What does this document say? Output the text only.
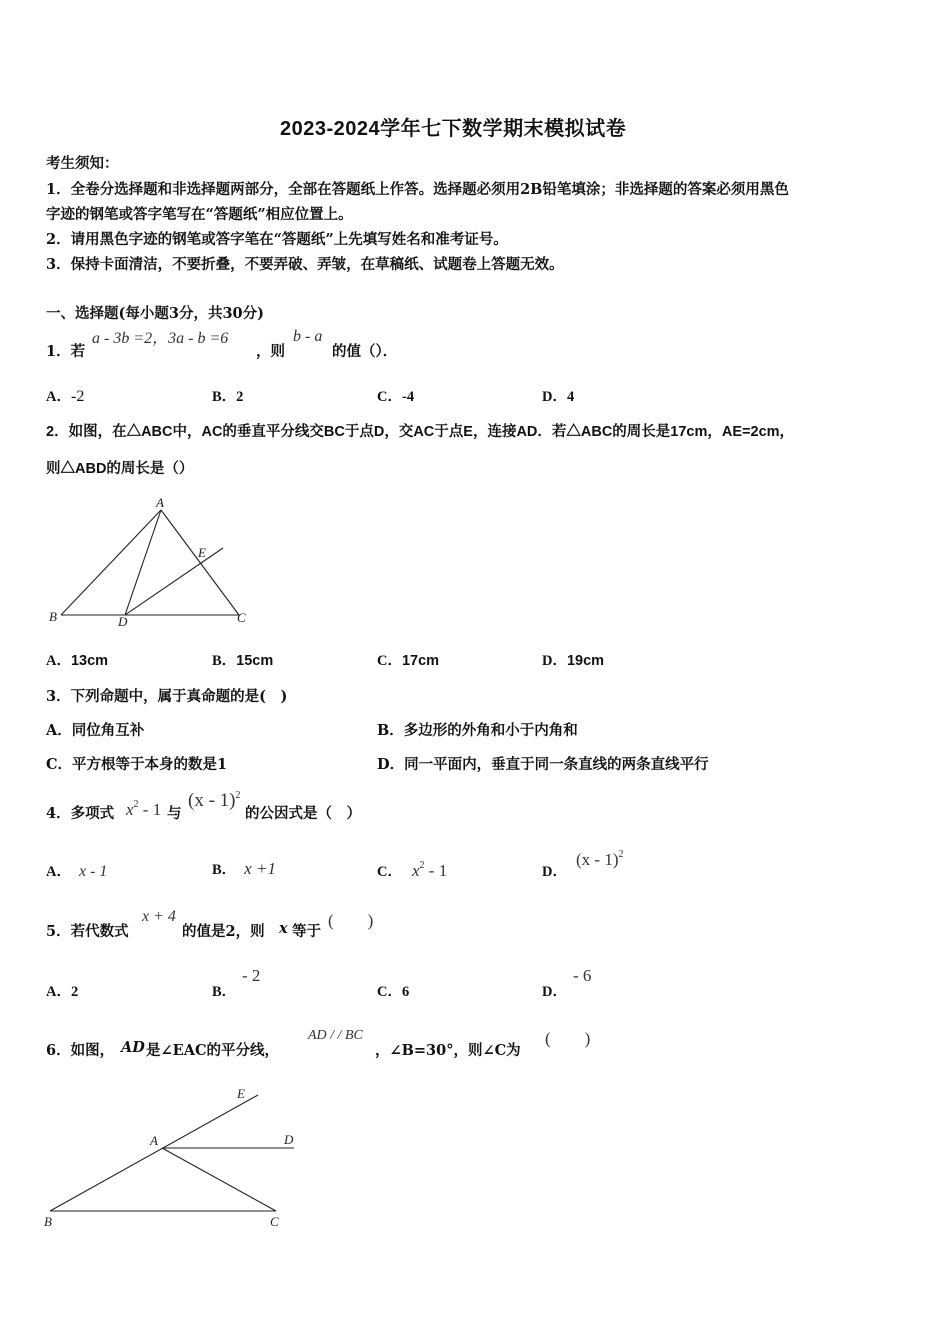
2023-2024学年七下数学期末模拟试卷
考生须知：
1．全卷分选择题和非选择题两部分，全部在答题纸上作答。选择题必须用2B铅笔填涂；非选择题的答案必须用黑色
字迹的钢笔或答字笔写在“答题纸”相应位置上。
2．请用黑色字迹的钢笔或答字笔在“答题纸”上先填写姓名和准考证号。
3．保持卡面清洁，不要折叠，不要弄破、弄皱，在草稿纸、试题卷上答题无效。
一、选择题(每小题3分，共30分)
1．若
a - 3b =2，3a - b =6
，则
b - a
的值（）．
A．-2	B．2	C．-4	D．4
2．如图，在△ABC中，AC的垂直平分线交BC于点D，交AC于点E，连接AD．若△ABC的周长是17cm，AE=2cm，
则△ABD的周长是（）
A
B	C
D
E
A．13cm	B．15cm	C．17cm	D．19cm
3．下列命题中，属于真命题的是(　)
A．同位角互补	B．多边形的外角和小于内角和
C．平方根等于本身的数是1	D．同一平面内，垂直于同一条直线的两条直线平行
4．多项式 $x^2 - 1$ 与
(x - 1)$^2$
的公因式是（　）
A． x - 1	B． x +1	C． $x^2 - 1$	D．
(x - 1)$^2$
5．若代数式
x + 4
的值是2，则 x 等于
(　　)
A．2	B．
- 2
C．6	D．
- 6
6．如图， AD 是∠EAC的平分线，
AD / / BC
，∠B=30°，则∠C为
(　　)
A
B	C
D
E
